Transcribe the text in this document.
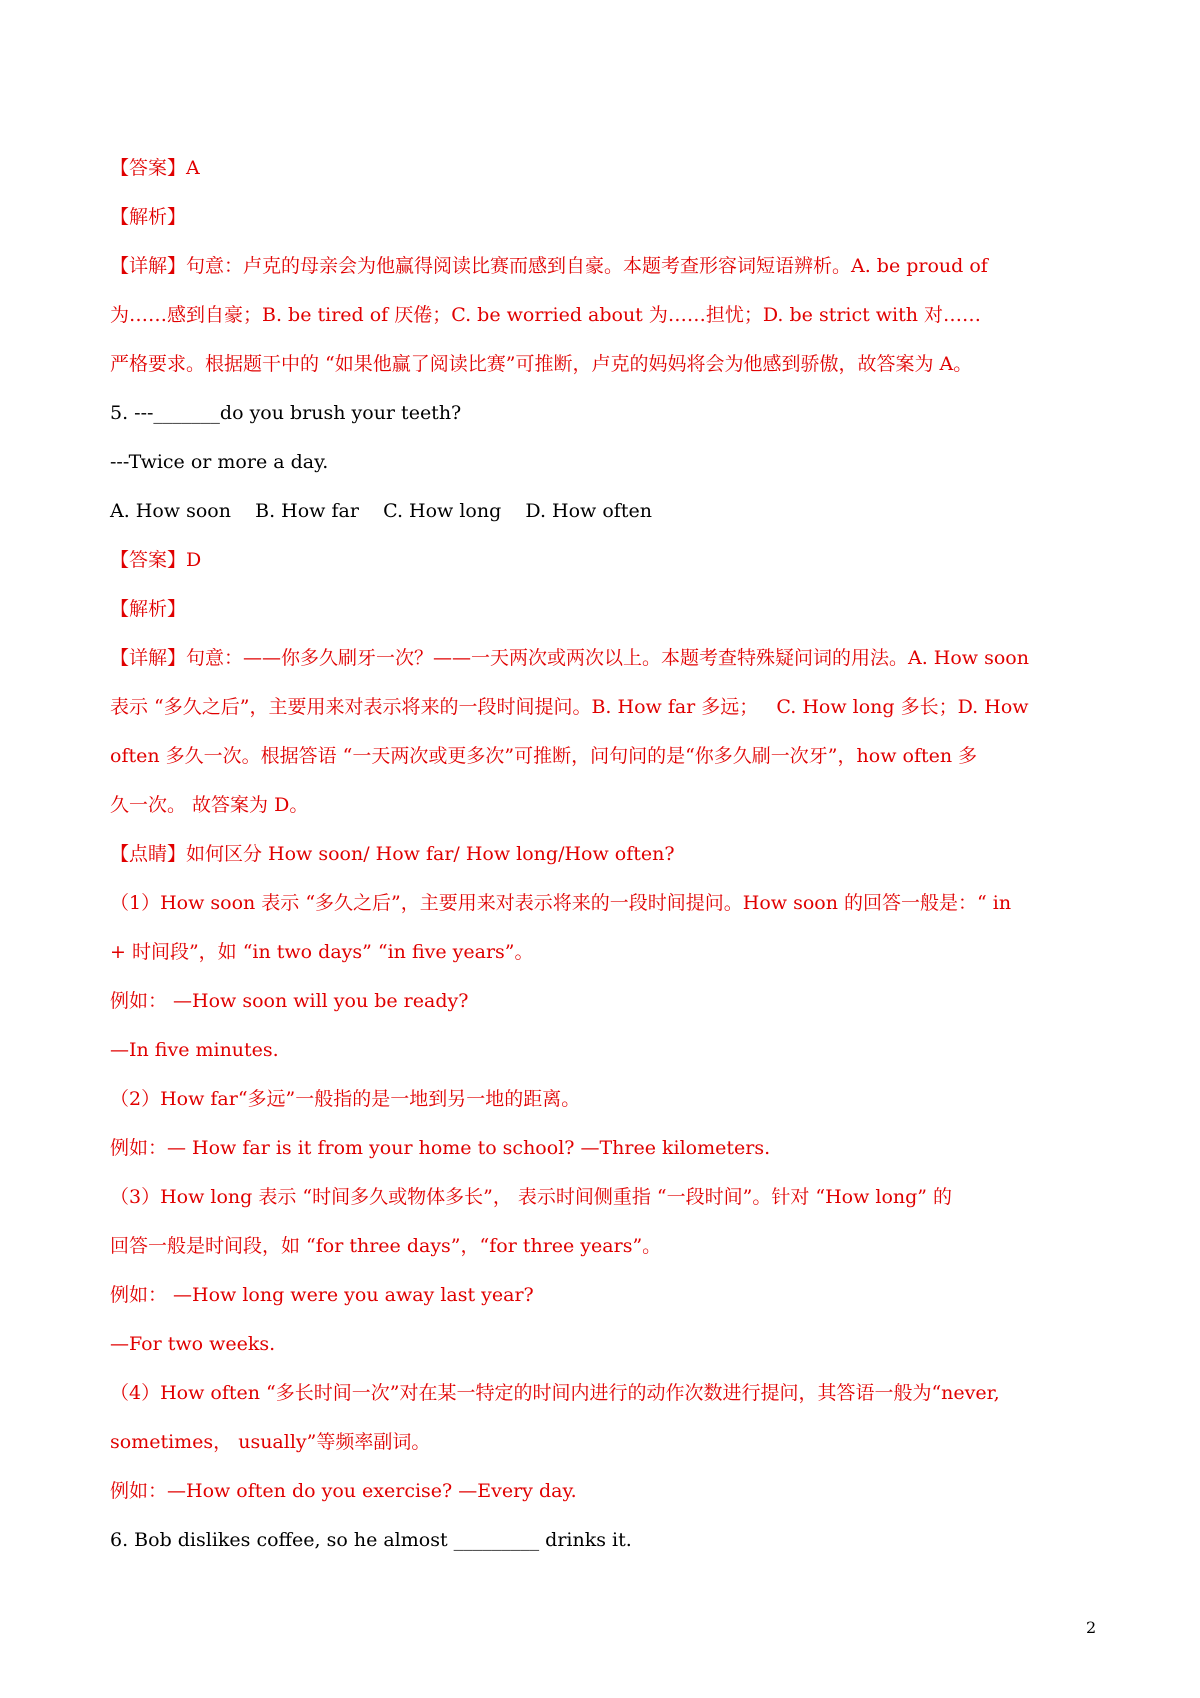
【答案】A
【解析】
【详解】句意：卢克的母亲会为他赢得阅读比赛而感到自豪。本题考查形容词短语辨析。A. be proud of
为……感到自豪；B. be tired of 厌倦；C. be worried about 为……担忧；D. be strict with 对……
严格要求。根据题干中的 “如果他赢了阅读比赛”可推断，卢克的妈妈将会为他感到骄傲，故答案为 A。
5. ---_______do you brush your teeth?
---Twice or more a day.
A. How soon    B. How far    C. How long    D. How often
【答案】D
【解析】
【详解】句意：——你多久刷牙一次？——一天两次或两次以上。本题考查特殊疑问词的用法。A. How soon
表示 “多久之后”，主要用来对表示将来的一段时间提问。B. How far 多远；   C. How long 多长；D. How
often 多久一次。根据答语 “一天两次或更多次”可推断，问句问的是“你多久刷一次牙”，how often 多
久一次。 故答案为 D。
【点睛】如何区分 How soon/ How far/ How long/How often?
（1）How soon 表示 “多久之后”，主要用来对表示将来的一段时间提问。How soon 的回答一般是：“ in
+ 时间段”，如 “in two days” “in five years”。
例如： —How soon will you be ready?
—In five minutes.
（2）How far“多远”一般指的是一地到另一地的距离。
例如：— How far is it from your home to school? —Three kilometers.
（3）How long 表示 “时间多久或物体多长”， 表示时间侧重指 “一段时间”。针对 “How long” 的
回答一般是时间段，如 “for three days”，“for three years”。
例如： —How long were you away last year?
—For two weeks.
（4）How often “多长时间一次”对在某一特定的时间内进行的动作次数进行提问，其答语一般为“never,
sometimes， usually”等频率副词。
例如：—How often do you exercise? —Every day.
6. Bob dislikes coffee, so he almost _________ drinks it.
2
